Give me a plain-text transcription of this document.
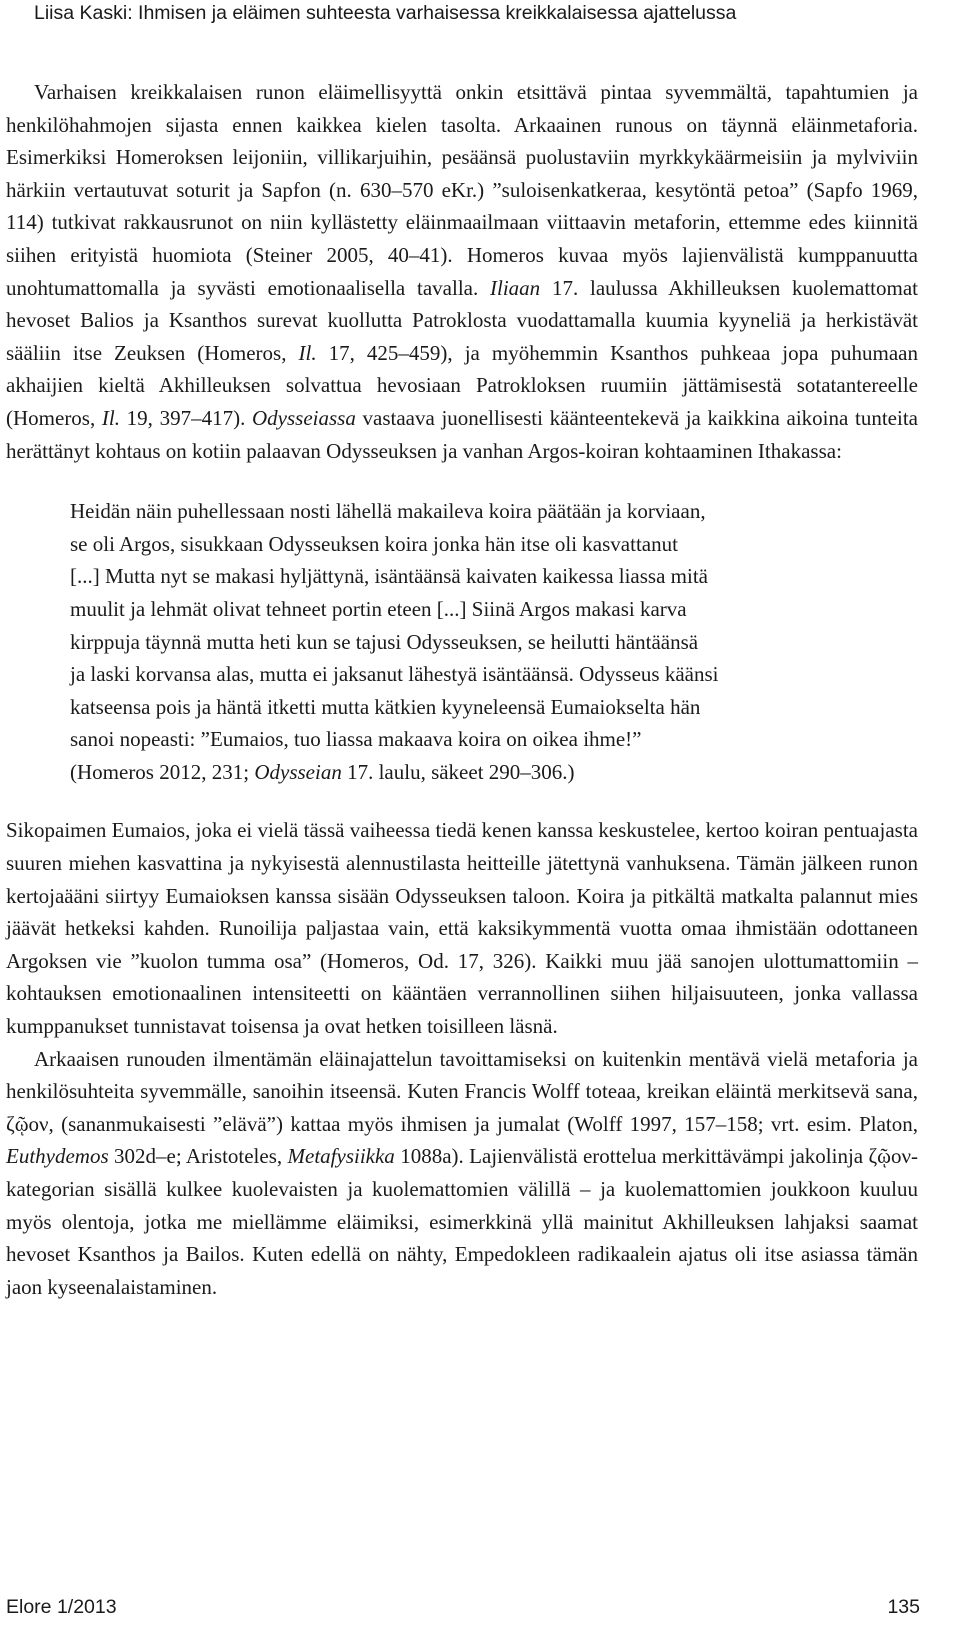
Liisa Kaski: Ihmisen ja eläimen suhteesta varhaisessa kreikkalaisessa ajattelussa

Varhaisen kreikkalaisen runon eläimellisyyttä onkin etsittävä pintaa syvemmältä, tapahtumien ja henkilöhahmojen sijasta ennen kaikkea kielen tasolta. Arkaainen runous on täynnä eläinmetaforia. Esimerkiksi Homeroksen leijoniin, villikarjuihin, pesäänsä puolustaviin myrkkykäärmeisiin ja mylviviin härkiin vertautuvat soturit ja Sapfon (n. 630–570 eKr.) ”suloisenkatkeraa, kesytöntä petoa” (Sapfo 1969, 114) tutkivat rakkausrunot on niin kyllästetty eläinmaailmaan viittaavin metaforin, ettemme edes kiinnitä siihen erityistä huomiota (Steiner 2005, 40–41). Homeros kuvaa myös lajienvälistä kumppanuutta unohtumattomalla ja syvästi emotionaalisella tavalla. Iliaan 17. laulussa Akhilleuksen kuolemattomat hevoset Balios ja Ksanthos surevat kuollutta Patroklosta vuodattamalla kuumia kyyneliä ja herkistävät sääliin itse Zeuksen (Homeros, Il. 17, 425–459), ja myöhemmin Ksanthos puhkeaa jopa puhumaan akhaijien kieltä Akhilleuksen solvattua hevosiaan Patrokloksen ruumiin jättämisestä sotatantereelle (Homeros, Il. 19, 397–417). Odysseiassa vastaava juonellisesti käänteentekevä ja kaikkina aikoina tunteita herättänyt kohtaus on kotiin palaavan Odysseuksen ja vanhan Argos-koiran kohtaaminen Ithakassa:

Heidän näin puhellessaan nosti lähellä makaileva koira päätään ja korviaan,
se oli Argos, sisukkaan Odysseuksen koira jonka hän itse oli kasvattanut
[...] Mutta nyt se makasi hyljättynä, isäntäänsä kaivaten kaikessa liassa mitä
muulit ja lehmät olivat tehneet portin eteen [...] Siinä Argos makasi karva
kirppuja täynnä mutta heti kun se tajusi Odysseuksen, se heilutti häntäänsä
ja laski korvansa alas, mutta ei jaksanut lähestyä isäntäänsä. Odysseus käänsi
katseensa pois ja häntä itketti mutta kätkien kyyneleensä Eumaiokselta hän
sanoi nopeasti: ”Eumaios, tuo liassa makaava koira on oikea ihme!”
(Homeros 2012, 231; Odysseian 17. laulu, säkeet 290–306.)

Sikopaimen Eumaios, joka ei vielä tässä vaiheessa tiedä kenen kanssa keskustelee, kertoo koiran pentuajasta suuren miehen kasvattina ja nykyisestä alennustilasta heitteille jätettynä vanhuksena. Tämän jälkeen runon kertojaääni siirtyy Eumaioksen kanssa sisään Odysseuksen taloon. Koira ja pitkältä matkalta palannut mies jäävät hetkeksi kahden. Runoilija paljastaa vain, että kaksikymmentä vuotta omaa ihmistään odottaneen Argoksen vie ”kuolon tumma osa” (Homeros, Od. 17, 326). Kaikki muu jää sanojen ulottumattomiin – kohtauksen emotionaalinen intensiteetti on kääntäen verrannollinen siihen hiljaisuuteen, jonka vallassa kumppanukset tunnistavat toisensa ja ovat hetken toisilleen läsnä.

Arkaaisen runouden ilmentämän eläinajattelun tavoittamiseksi on kuitenkin mentävä vielä metaforia ja henkilösuhteita syvemmälle, sanoihin itseensä. Kuten Francis Wolff toteaa, kreikan eläintä merkitsevä sana, ζῷον, (sananmukaisesti ”elävä”) kattaa myös ihmisen ja jumalat (Wolff 1997, 157–158; vrt. esim. Platon, Euthydemos 302d–e; Aristoteles, Metafysiikka 1088a). Lajienvälistä erottelua merkittävämpi jakolinja ζῷον-kategorian sisällä kulkee kuolevaisten ja kuolemattomien välillä – ja kuolemattomien joukkoon kuuluu myös olentoja, jotka me miellämme eläimiksi, esimerkkinä yllä mainitut Akhilleuksen lahjaksi saamat hevoset Ksanthos ja Bailos. Kuten edellä on nähty, Empedokleen radikaalein ajatus oli itse asiassa tämän jaon kyseenalaistaminen.

Elore 1/2013	135
